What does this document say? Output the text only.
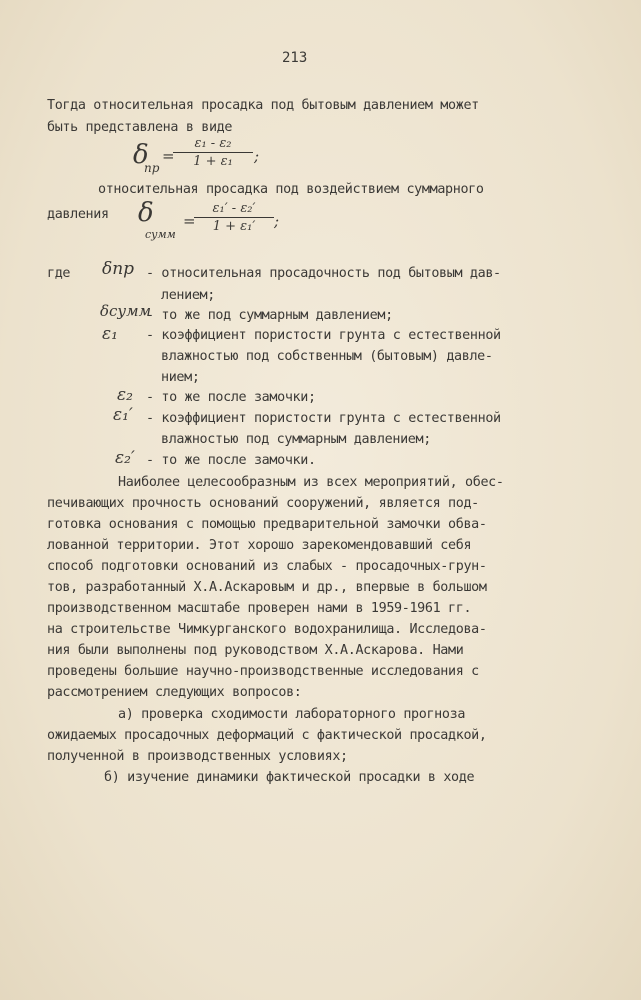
213
Тогда относительная просадка под бытовым давлением может
быть представлена в виде
δ
пр
=
ε₁ - ε₂
1 + ε₁	;
относительная просадка под воздействием суммарного
давления δ
сумм
=
ε₁′ - ε₂′
1 + ε₁′	;
где δпр - относительная просадочность под бытовым дав-
лением;
δсумм
- то же под суммарным давлением;
ε₁ - коэффициент пористости грунта с естественной
влажностью под собственным (бытовым) давле-
нием;
ε₂ - то же после замочки;
ε₁′ - коэффициент пористости грунта с естественной
влажностью под суммарным давлением;
ε₂′ - то же после замочки.
Наиболее целесообразным из всех мероприятий, обес-
печивающих прочность оснований сооружений, является под-
готовка основания с помощью предварительной замочки обва-
лованной территории. Этот хорошо зарекомендовавший себя
способ подготовки оснований из слабых - просадочных-грун-
тов, разработанный Х.А.Аскаровым и др., впервые в большом
производственном масштабе проверен нами в 1959-1961 гг.
на строительстве Чимкурганского водохранилища. Исследова-
ния были выполнены под руководством Х.А.Аскарова. Нами
проведены большие научно-производственные исследования с
рассмотрением следующих вопросов:
а) проверка сходимости лабораторного прогноза
ожидаемых просадочных деформаций с фактической просадкой,
полученной в производственных условиях;
б) изучение динамики фактической просадки в ходе
